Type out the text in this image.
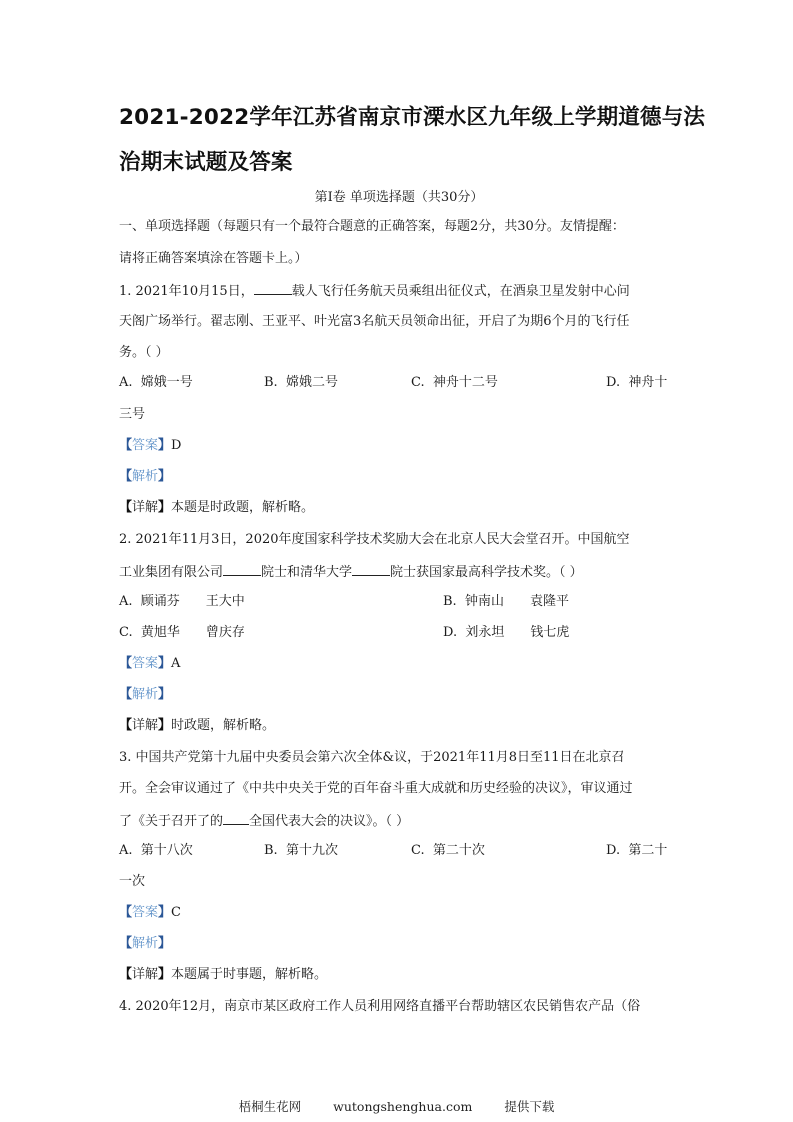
2021-2022学年江苏省南京市溧水区九年级上学期道德与法
治期末试题及答案
第Ⅰ卷 单项选择题（共30分）
一、单项选择题（每题只有一个最符合题意的正确答案，每题2分，共30分。友情提醒：
请将正确答案填涂在答题卡上。）
1. 2021年10月15日，	载人飞行任务航天员乘组出征仪式，在酒泉卫星发射中心问
天阁广场举行。翟志刚、王亚平、叶光富3名航天员领命出征，开启了为期6个月的飞行任
务。（ ）
A. 嫦娥一号	B. 嫦娥二号	C. 神舟十二号	D. 神舟十
三号
【答案】D
【解析】
【详解】本题是时政题，解析略。
2. 2021年11月3日，2020年度国家科学技术奖励大会在北京人民大会堂召开。中国航空
工业集团有限公司	院士和清华大学	院士获国家最高科学技术奖。（ ）
A. 顾诵芬　　王大中	B. 钟南山　　袁隆平
C. 黄旭华　　曾庆存	D. 刘永坦　　钱七虎
【答案】A
【解析】
【详解】时政题，解析略。
3. 中国共产党第十九届中央委员会第六次全体&议，于2021年11月8日至11日在北京召
开。全会审议通过了《中共中央关于党的百年奋斗重大成就和历史经验的决议》，审议通过
了《关于召开了的 全国代表大会的决议》。（ ）
A. 第十八次	B. 第十九次	C. 第二十次	D. 第二十
一次
【答案】C
【解析】
【详解】本题属于时事题，解析略。
4. 2020年12月，南京市某区政府工作人员利用网络直播平台帮助辖区农民销售农产品（俗
梧桐生花网	wutongshenghua.com	提供下载
